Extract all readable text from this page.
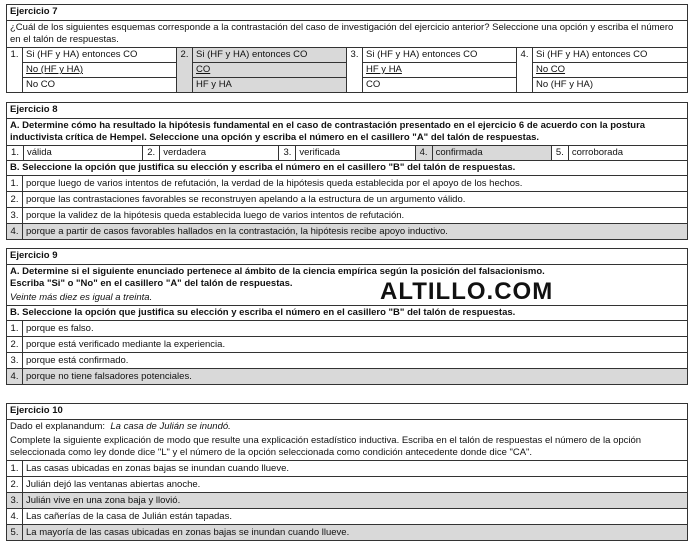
Ejercicio 7
¿Cuál de los siguientes esquemas corresponde a la contrastación del caso de investigación del ejercicio anterior? Seleccione una opción y escriba el número en el talón de respuestas.
1. Si (HF y HA) entonces CO
No (HF y HA)
No CO
2. Si (HF y HA) entonces CO
CO
HF y HA
3. Si (HF y HA) entonces CO
HF y HA
CO
4. Si (HF y HA) entonces CO
No CO
No (HF y HA)
Ejercicio 8
A. Determine cómo ha resultado la hipótesis fundamental en el caso de contrastación presentado en el ejercicio 6 de acuerdo con la postura inductivista crítica de Hempel. Seleccione una opción y escriba el número en el casillero "A" del talón de respuestas.
1. válida	2. verdadera	3. verificada	4. confirmada	5. corroborada
B. Seleccione la opción que justifica su elección y escriba el número en el casillero "B" del talón de respuestas.
1. porque luego de varios intentos de refutación, la verdad de la hipótesis queda establecida por el apoyo de los hechos.
2. porque las contrastaciones favorables se reconstruyen apelando a la estructura de un argumento válido.
3. porque la validez de la hipótesis queda establecida luego de varios intentos de refutación.
4. porque a partir de casos favorables hallados en la contrastación, la hipótesis recibe apoyo inductivo.
Ejercicio 9
A. Determine si el siguiente enunciado pertenece al ámbito de la ciencia empírica según la posición del falsacionismo. Escriba "Si" o "No" en el casillero "A" del talón de respuestas.
Veinte más diez es igual a treinta.
B. Seleccione la opción que justifica su elección y escriba el número en el casillero "B" del talón de respuestas.
1. porque es falso.
2. porque está verificado mediante la experiencia.
3. porque está confirmado.
4. porque no tiene falsadores potenciales.
ALTILLO.COM
Ejercicio 10
Dado el explanandum: La casa de Julián se inundó.
Complete la siguiente explicación de modo que resulte una explicación estadístico inductiva. Escriba en el talón de respuestas el número de la opción seleccionada como ley donde dice "L" y el número de la opción seleccionada como condición antecedente donde dice "CA".
1. Las casas ubicadas en zonas bajas se inundan cuando llueve.
2. Julián dejó las ventanas abiertas anoche.
3. Julián vive en una zona baja y llovió.
4. Las cañerías de la casa de Julián están tapadas.
5. La mayoría de las casas ubicadas en zonas bajas se inundan cuando llueve.
